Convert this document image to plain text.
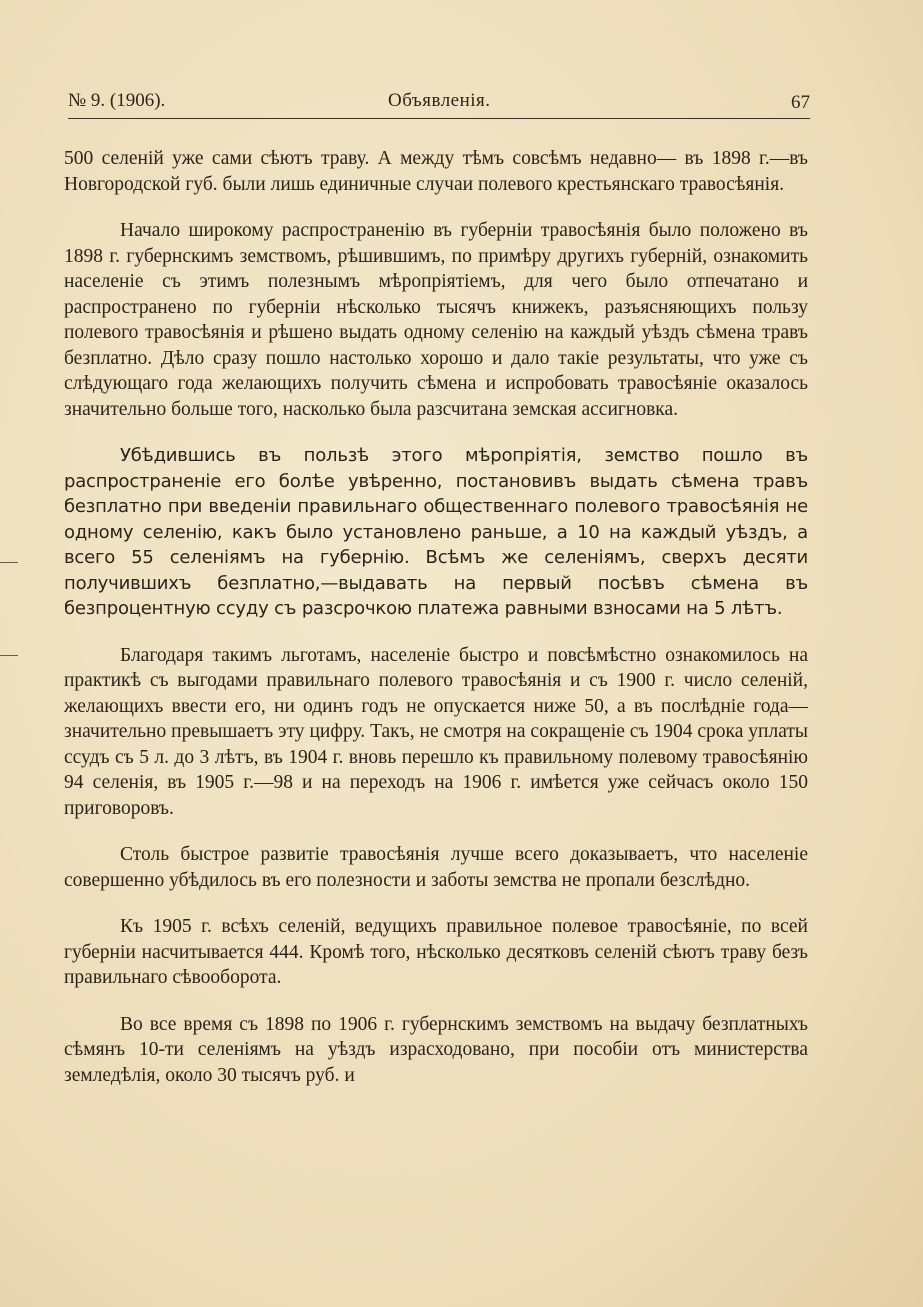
№ 9. (1906).	Объявленія.	67

500 селеній уже сами сѣютъ траву. А между тѣмъ совсѣмъ недавно— въ 1898 г.—въ Новгородской губ. были лишь единичные случаи полевого крестьянскаго травосѣянія.

Начало широкому распространенію въ губерніи травосѣянія было положено въ 1898 г. губернскимъ земствомъ, рѣшившимъ, по примѣру другихъ губерній, ознакомить населеніе съ этимъ полезнымъ мѣропріятіемъ, для чего было отпечатано и распространено по губерніи нѣсколько тысячъ книжекъ, разъясняющихъ пользу полевого травосѣянія и рѣшено выдать одному селенію на каждый уѣздъ сѣмена травъ безплатно. Дѣло сразу пошло настолько хорошо и дало такіе результаты, что уже съ слѣдующаго года желающихъ получить сѣмена и испробовать травосѣяніе оказалось значительно больше того, насколько была разсчитана земская ассигновка.

Убѣдившись въ пользѣ этого мѣропріятія, земство пошло въ распространеніе его болѣе увѣренно, постановивъ выдать сѣмена травъ безплатно при введеніи правильнаго общественнаго полевого травосѣянія не одному селенію, какъ было установлено раньше, а 10 на каждый уѣздъ, а всего 55 селеніямъ на губернію. Всѣмъ же селеніямъ, сверхъ десяти получившихъ безплатно,—выдавать на первый посѣвъ сѣмена въ безпроцентную ссуду съ разсрочкою платежа равными взносами на 5 лѣтъ.

Благодаря такимъ льготамъ, населеніе быстро и повсѣмѣстно ознакомилось на практикѣ съ выгодами правильнаго полевого травосѣянія и съ 1900 г. число селеній, желающихъ ввести его, ни одинъ годъ не опускается ниже 50, а въ послѣдніе года—значительно превышаетъ эту цифру. Такъ, не смотря на сокращеніе съ 1904 срока уплаты ссудъ съ 5 л. до 3 лѣтъ, въ 1904 г. вновь перешло къ правильному полевому травосѣянію 94 селенія, въ 1905 г.—98 и на переходъ на 1906 г. имѣется уже сейчасъ около 150 приговоровъ.

Столь быстрое развитіе травосѣянія лучше всего доказываетъ, что населеніе совершенно убѣдилось въ его полезности и заботы земства не пропали безслѣдно.

Къ 1905 г. всѣхъ селеній, ведущихъ правильное полевое травосѣяніе, по всей губерніи насчитывается 444. Кромѣ того, нѣсколько десятковъ селеній сѣютъ траву безъ правильнаго сѣвооборота.

Во все время съ 1898 по 1906 г. губернскимъ земствомъ на выдачу безплатныхъ сѣмянъ 10-ти селеніямъ на уѣздъ израсходовано, при пособіи отъ министерства земледѣлія, около 30 тысячъ руб. и
